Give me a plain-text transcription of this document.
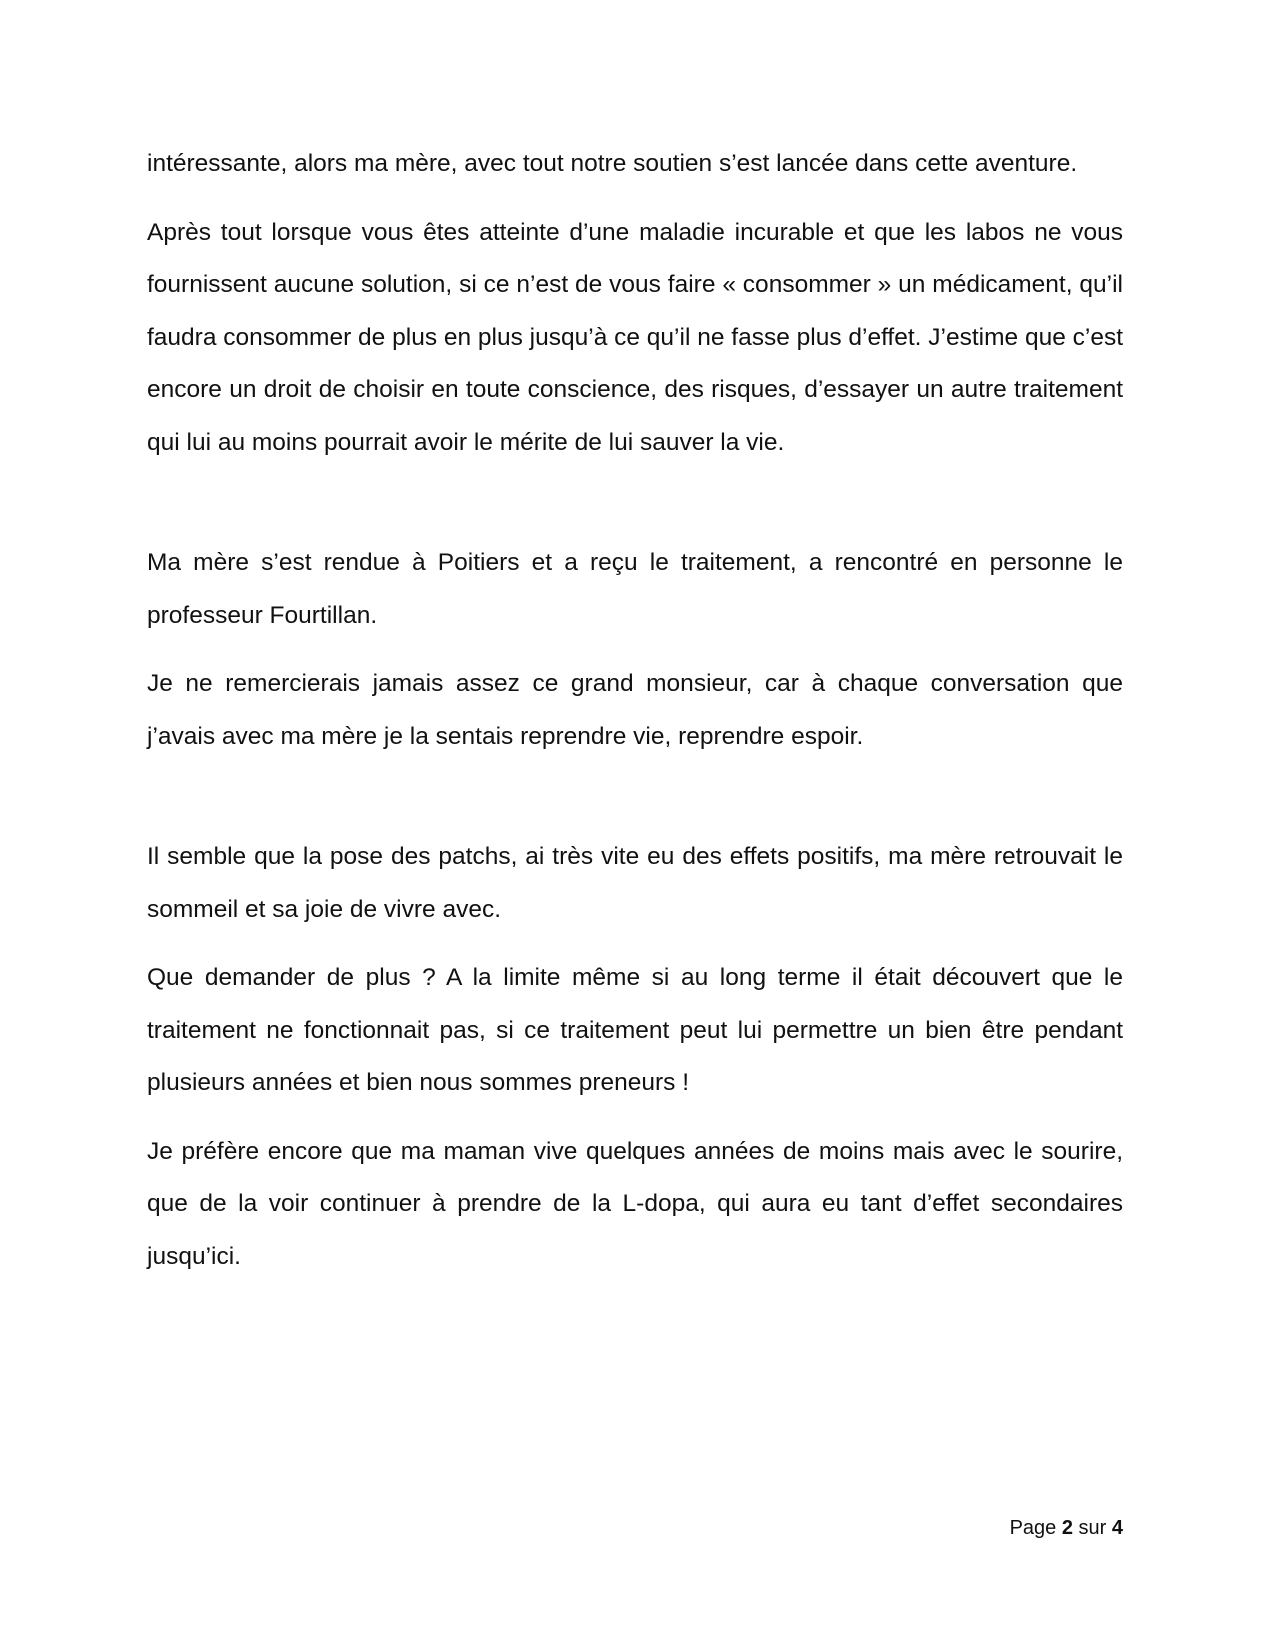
intéressante, alors ma mère, avec tout notre soutien s’est lancée dans cette aventure.

Après tout lorsque vous êtes atteinte d’une maladie incurable et que les labos ne vous fournissent aucune solution, si ce n’est de vous faire « consommer » un médicament, qu’il faudra consommer de plus en plus jusqu’à ce qu’il ne fasse plus d’effet. J’estime que c’est encore un droit de choisir en toute conscience, des risques, d’essayer un autre traitement qui lui au moins pourrait avoir le mérite de lui sauver la vie.

Ma mère s’est rendue à Poitiers et a reçu le traitement, a rencontré en personne le professeur Fourtillan.

Je ne remercierais jamais assez ce grand monsieur, car à chaque conversation que j’avais avec ma mère je la sentais reprendre vie, reprendre espoir.

Il semble que la pose des patchs, ai très vite eu des effets positifs, ma mère retrouvait le sommeil et sa joie de vivre avec.

Que demander de plus ? A la limite même si au long terme il était découvert que le traitement ne fonctionnait pas, si ce traitement peut lui permettre un bien être pendant plusieurs années et bien nous sommes preneurs !

Je préfère encore que ma maman vive quelques années de moins mais avec le sourire, que de la voir continuer à prendre de la L-dopa, qui aura eu tant d’effet secondaires jusqu’ici.

Page 2 sur 4
